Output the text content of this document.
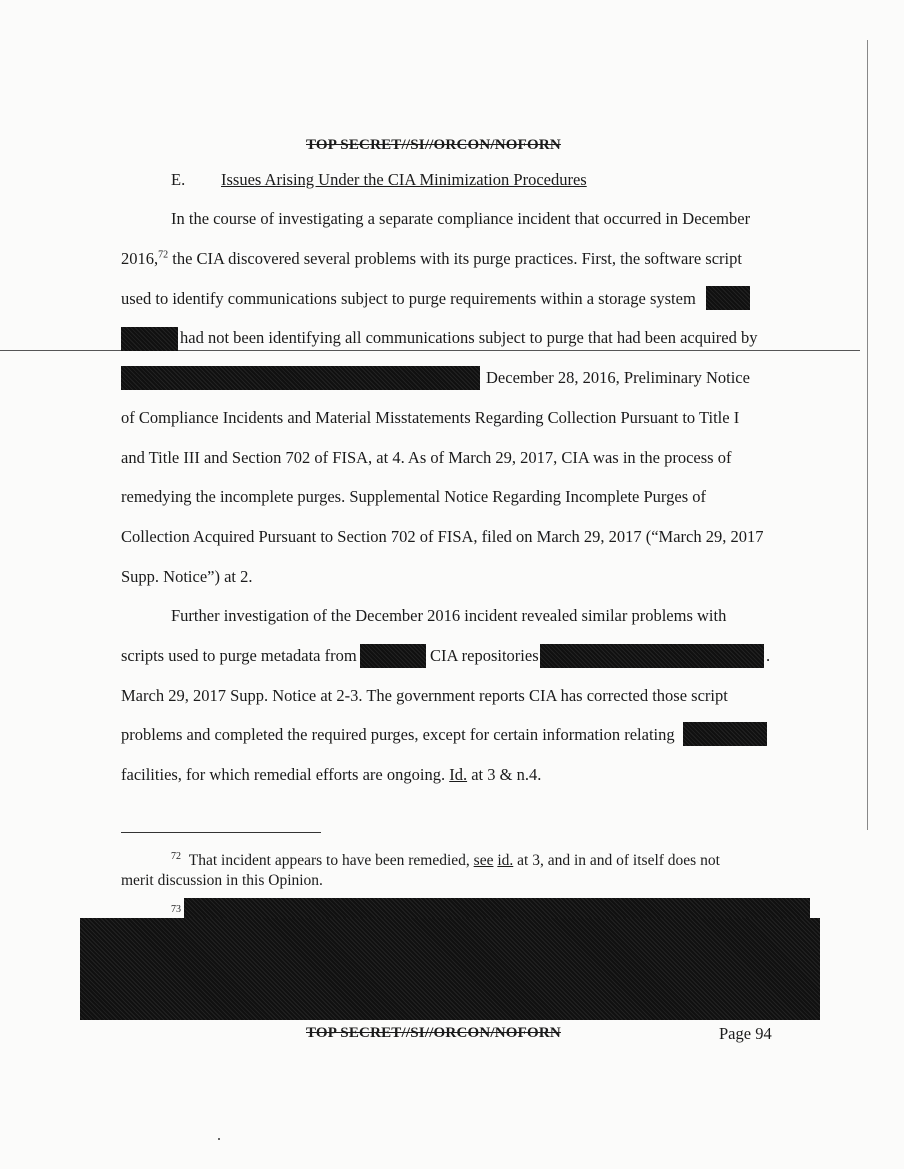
TOP SECRET//SI//ORCON/NOFORN
E. Issues Arising Under the CIA Minimization Procedures
In the course of investigating a separate compliance incident that occurred in December
2016,72 the CIA discovered several problems with its purge practices. First, the software script
used to identify communications subject to purge requirements within a storage system
had not been identifying all communications subject to purge that had been acquired by
December 28, 2016, Preliminary Notice
of Compliance Incidents and Material Misstatements Regarding Collection Pursuant to Title I
and Title III and Section 702 of FISA, at 4. As of March 29, 2017, CIA was in the process of
remedying the incomplete purges. Supplemental Notice Regarding Incomplete Purges of
Collection Acquired Pursuant to Section 702 of FISA, filed on March 29, 2017 (“March 29, 2017
Supp. Notice”) at 2.
Further investigation of the December 2016 incident revealed similar problems with
scripts used to purge metadata from	CIA repositories	.
March 29, 2017 Supp. Notice at 2-3. The government reports CIA has corrected those script
problems and completed the required purges, except for certain information relating
facilities, for which remedial efforts are ongoing. Id. at 3 & n.4.
$^{72}$ That incident appears to have been remedied, see id. at 3, and in and of itself does not
merit discussion in this Opinion.
73
TOP SECRET//SI//ORCON/NOFORN	Page 94
